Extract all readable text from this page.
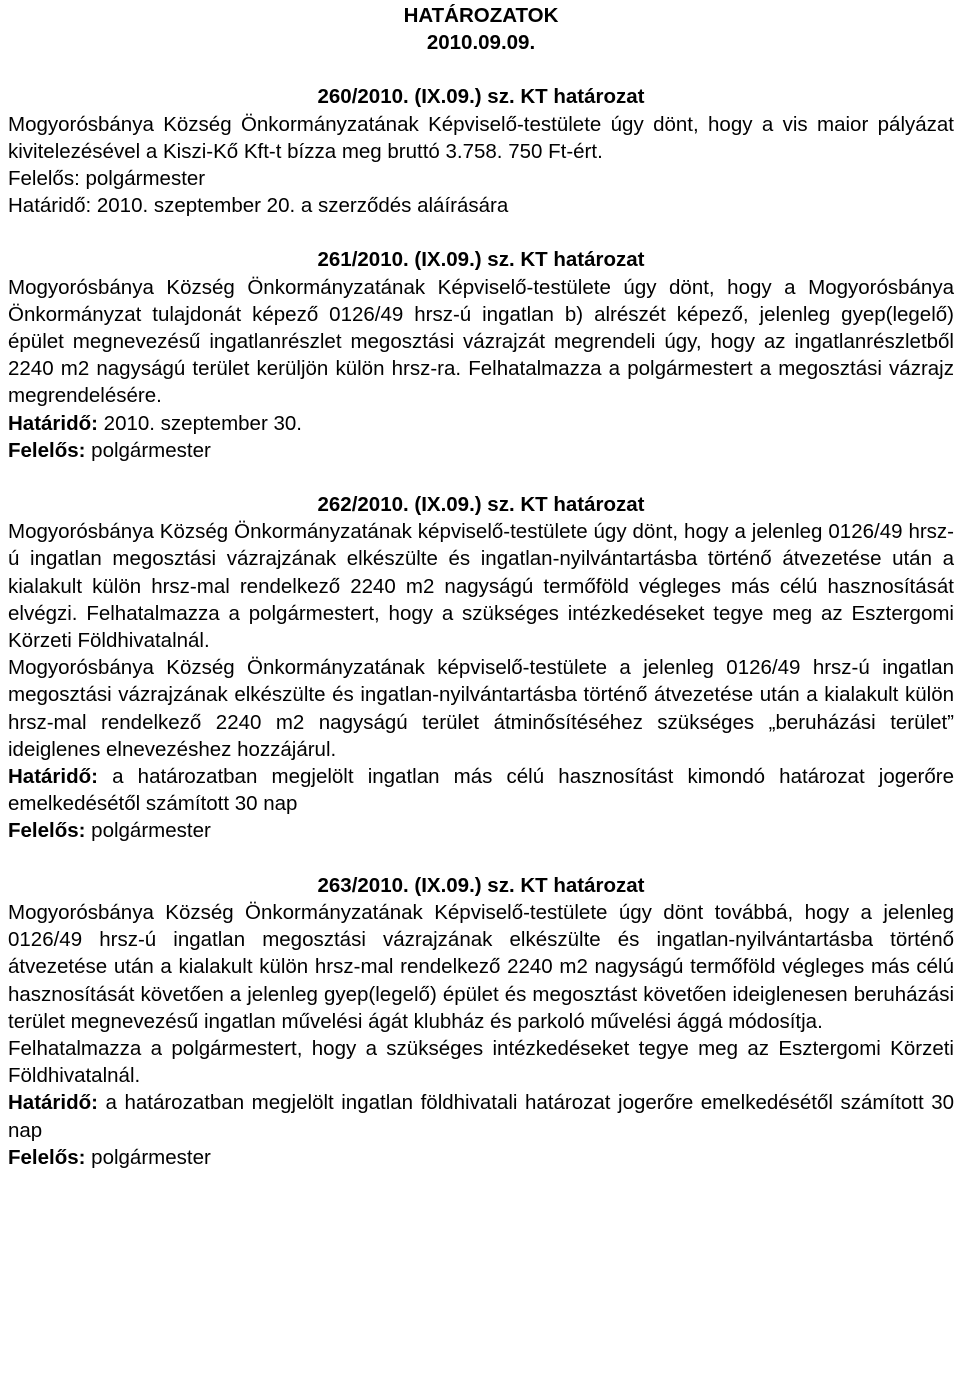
HATÁROZATOK

2010.09.09.

260/2010. (IX.09.) sz. KT határozat

Mogyorósbánya Község Önkormányzatának Képviselő-testülete úgy dönt, hogy a vis maior pályázat kivitelezésével a Kiszi-Kő Kft-t bízza meg bruttó 3.758. 750 Ft-ért.

Felelős: polgármester

Határidő: 2010. szeptember 20. a szerződés aláírására

261/2010. (IX.09.) sz. KT határozat

Mogyorósbánya Község Önkormányzatának Képviselő-testülete úgy dönt, hogy a Mogyorósbánya Önkormányzat tulajdonát képező 0126/49 hrsz-ú ingatlan b) alrészét képező, jelenleg gyep(legelő) épület megnevezésű ingatlanrészlet megosztási vázrajzát megrendeli úgy, hogy az ingatlanrészletből 2240 m2 nagyságú terület kerüljön külön hrsz-ra. Felhatalmazza a polgármestert a megosztási vázrajz megrendelésére.

Határidő: 2010. szeptember 30.

Felelős: polgármester

262/2010. (IX.09.) sz. KT határozat

Mogyorósbánya Község Önkormányzatának képviselő-testülete úgy dönt, hogy a jelenleg 0126/49 hrsz-ú ingatlan megosztási vázrajzának elkészülte és ingatlan-nyilvántartásba történő átvezetése után a kialakult külön hrsz-mal rendelkező 2240 m2 nagyságú termőföld végleges más célú hasznosítását elvégzi. Felhatalmazza a polgármestert, hogy a szükséges intézkedéseket tegye meg az Esztergomi Körzeti Földhivatalnál.

Mogyorósbánya Község Önkormányzatának képviselő-testülete a jelenleg 0126/49 hrsz-ú ingatlan megosztási vázrajzának elkészülte és ingatlan-nyilvántartásba történő átvezetése után a kialakult külön hrsz-mal rendelkező 2240 m2 nagyságú terület átminősítéséhez szükséges „beruházási terület” ideiglenes elnevezéshez hozzájárul.

Határidő: a határozatban megjelölt ingatlan más célú hasznosítást kimondó határozat jogerőre emelkedésétől számított 30 nap

Felelős: polgármester

263/2010. (IX.09.) sz. KT határozat

Mogyorósbánya Község Önkormányzatának Képviselő-testülete úgy dönt továbbá, hogy a jelenleg 0126/49 hrsz-ú ingatlan megosztási vázrajzának elkészülte és ingatlan-nyilvántartásba történő átvezetése után a kialakult külön hrsz-mal rendelkező 2240 m2 nagyságú termőföld végleges más célú hasznosítását követően a jelenleg gyep(legelő) épület és megosztást követően ideiglenesen beruházási terület megnevezésű ingatlan művelési ágát klubház és parkoló művelési ággá módosítja.

Felhatalmazza a polgármestert, hogy a szükséges intézkedéseket tegye meg az Esztergomi Körzeti Földhivatalnál.

Határidő: a határozatban megjelölt ingatlan földhivatali határozat jogerőre emelkedésétől számított 30 nap

Felelős: polgármester
